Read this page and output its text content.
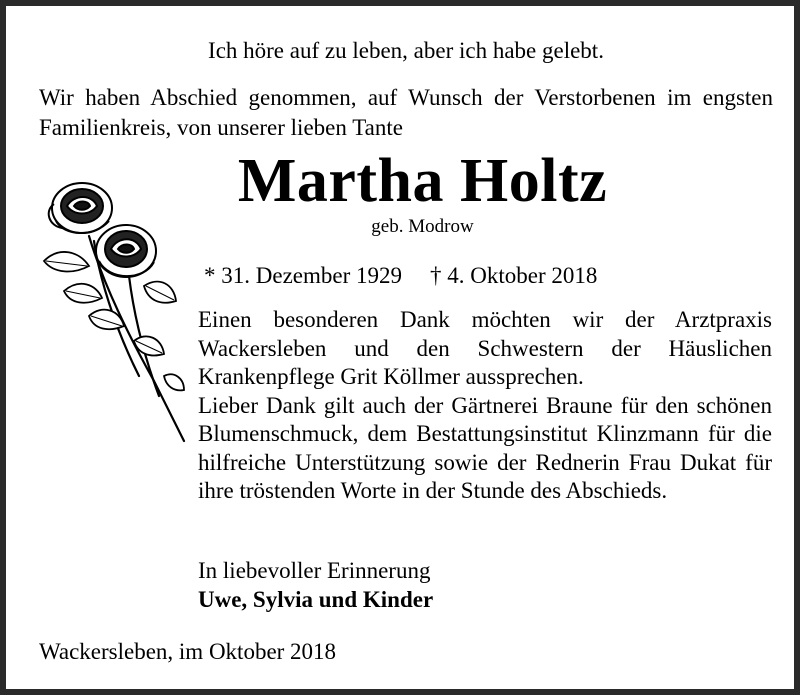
Ich höre auf zu leben, aber ich habe gelebt.
Wir haben Abschied genommen, auf Wunsch der Verstorbenen im engsten Familienkreis, von unserer lieben Tante
Martha Holtz
geb. Modrow
* 31. Dezember 1929 † 4. Oktober 2018

Einen besonderen Dank möchten wir der Arztpraxis Wackersleben und den Schwestern der Häuslichen Krankenpflege Grit Köllmer aussprechen.

Lieber Dank gilt auch der Gärtnerei Braune für den schönen Blumenschmuck, dem Bestattungsinstitut Klinzmann für die hilfreiche Unterstützung sowie der Rednerin Frau Dukat für ihre tröstenden Worte in der Stunde des Abschieds.

In liebevoller Erinnerung
Uwe, Sylvia und Kinder
Wackersleben, im Oktober 2018
